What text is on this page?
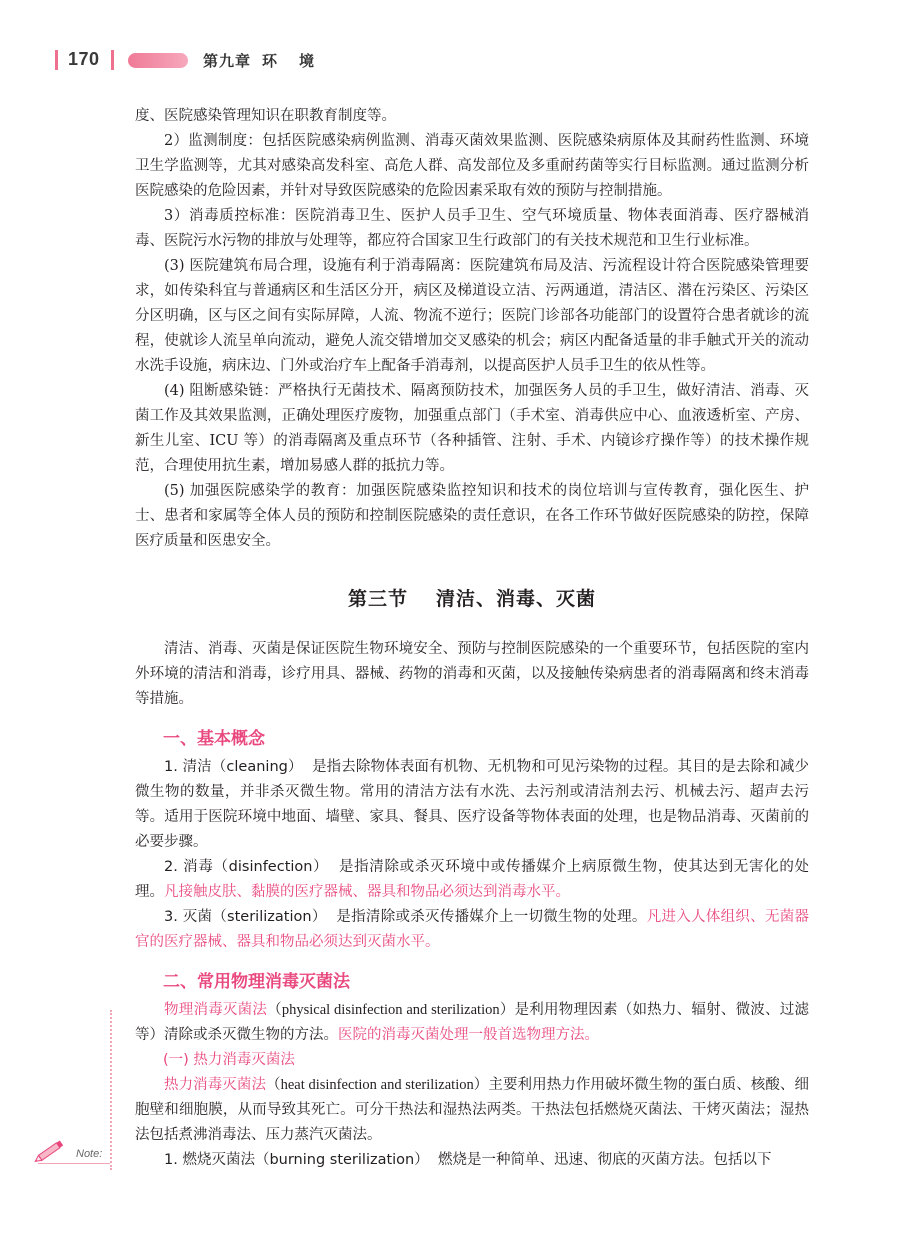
170	第九章 环境

度、医院感染管理知识在职教育制度等。

2）监测制度：包括医院感染病例监测、消毒灭菌效果监测、医院感染病原体及其耐药性监测、环境卫生学监测等，尤其对感染高发科室、高危人群、高发部位及多重耐药菌等实行目标监测。通过监测分析医院感染的危险因素，并针对导致医院感染的危险因素采取有效的预防与控制措施。

3）消毒质控标准：医院消毒卫生、医护人员手卫生、空气环境质量、物体表面消毒、医疗器械消毒、医院污水污物的排放与处理等，都应符合国家卫生行政部门的有关技术规范和卫生行业标准。

(3) 医院建筑布局合理，设施有利于消毒隔离：医院建筑布局及洁、污流程设计符合医院感染管理要求，如传染科宜与普通病区和生活区分开，病区及梯道设立洁、污两通道，清洁区、潜在污染区、污染区分区明确，区与区之间有实际屏障，人流、物流不逆行；医院门诊部各功能部门的设置符合患者就诊的流程，使就诊人流呈单向流动，避免人流交错增加交叉感染的机会；病区内配备适量的非手触式开关的流动水洗手设施，病床边、门外或治疗车上配备手消毒剂，以提高医护人员手卫生的依从性等。

(4) 阻断感染链：严格执行无菌技术、隔离预防技术，加强医务人员的手卫生，做好清洁、消毒、灭菌工作及其效果监测，正确处理医疗废物，加强重点部门（手术室、消毒供应中心、血液透析室、产房、新生儿室、ICU 等）的消毒隔离及重点环节（各种插管、注射、手术、内镜诊疗操作等）的技术操作规范，合理使用抗生素，增加易感人群的抵抗力等。

(5) 加强医院感染学的教育：加强医院感染监控知识和技术的岗位培训与宣传教育，强化医生、护士、患者和家属等全体人员的预防和控制医院感染的责任意识，在各工作环节做好医院感染的防控，保障医疗质量和医患安全。

第三节 清洁、消毒、灭菌

清洁、消毒、灭菌是保证医院生物环境安全、预防与控制医院感染的一个重要环节，包括医院的室内外环境的清洁和消毒，诊疗用具、器械、药物的消毒和灭菌，以及接触传染病患者的消毒隔离和终末消毒等措施。

一、基本概念

1. 清洁（cleaning） 是指去除物体表面有机物、无机物和可见污染物的过程。其目的是去除和减少微生物的数量，并非杀灭微生物。常用的清洁方法有水洗、去污剂或清洁剂去污、机械去污、超声去污等。适用于医院环境中地面、墙壁、家具、餐具、医疗设备等物体表面的处理，也是物品消毒、灭菌前的必要步骤。

2. 消毒（disinfection） 是指清除或杀灭环境中或传播媒介上病原微生物，使其达到无害化的处理。凡接触皮肤、黏膜的医疗器械、器具和物品必须达到消毒水平。

3. 灭菌（sterilization） 是指清除或杀灭传播媒介上一切微生物的处理。凡进入人体组织、无菌器官的医疗器械、器具和物品必须达到灭菌水平。

二、常用物理消毒灭菌法

物理消毒灭菌法（physical disinfection and sterilization）是利用物理因素（如热力、辐射、微波、过滤等）清除或杀灭微生物的方法。医院的消毒灭菌处理一般首选物理方法。

(一) 热力消毒灭菌法

热力消毒灭菌法（heat disinfection and sterilization）主要利用热力作用破坏微生物的蛋白质、核酸、细胞壁和细胞膜，从而导致其死亡。可分干热法和湿热法两类。干热法包括燃烧灭菌法、干烤灭菌法；湿热法包括煮沸消毒法、压力蒸汽灭菌法。

1. 燃烧灭菌法（burning sterilization） 燃烧是一种简单、迅速、彻底的灭菌方法。包括以下

Note:
